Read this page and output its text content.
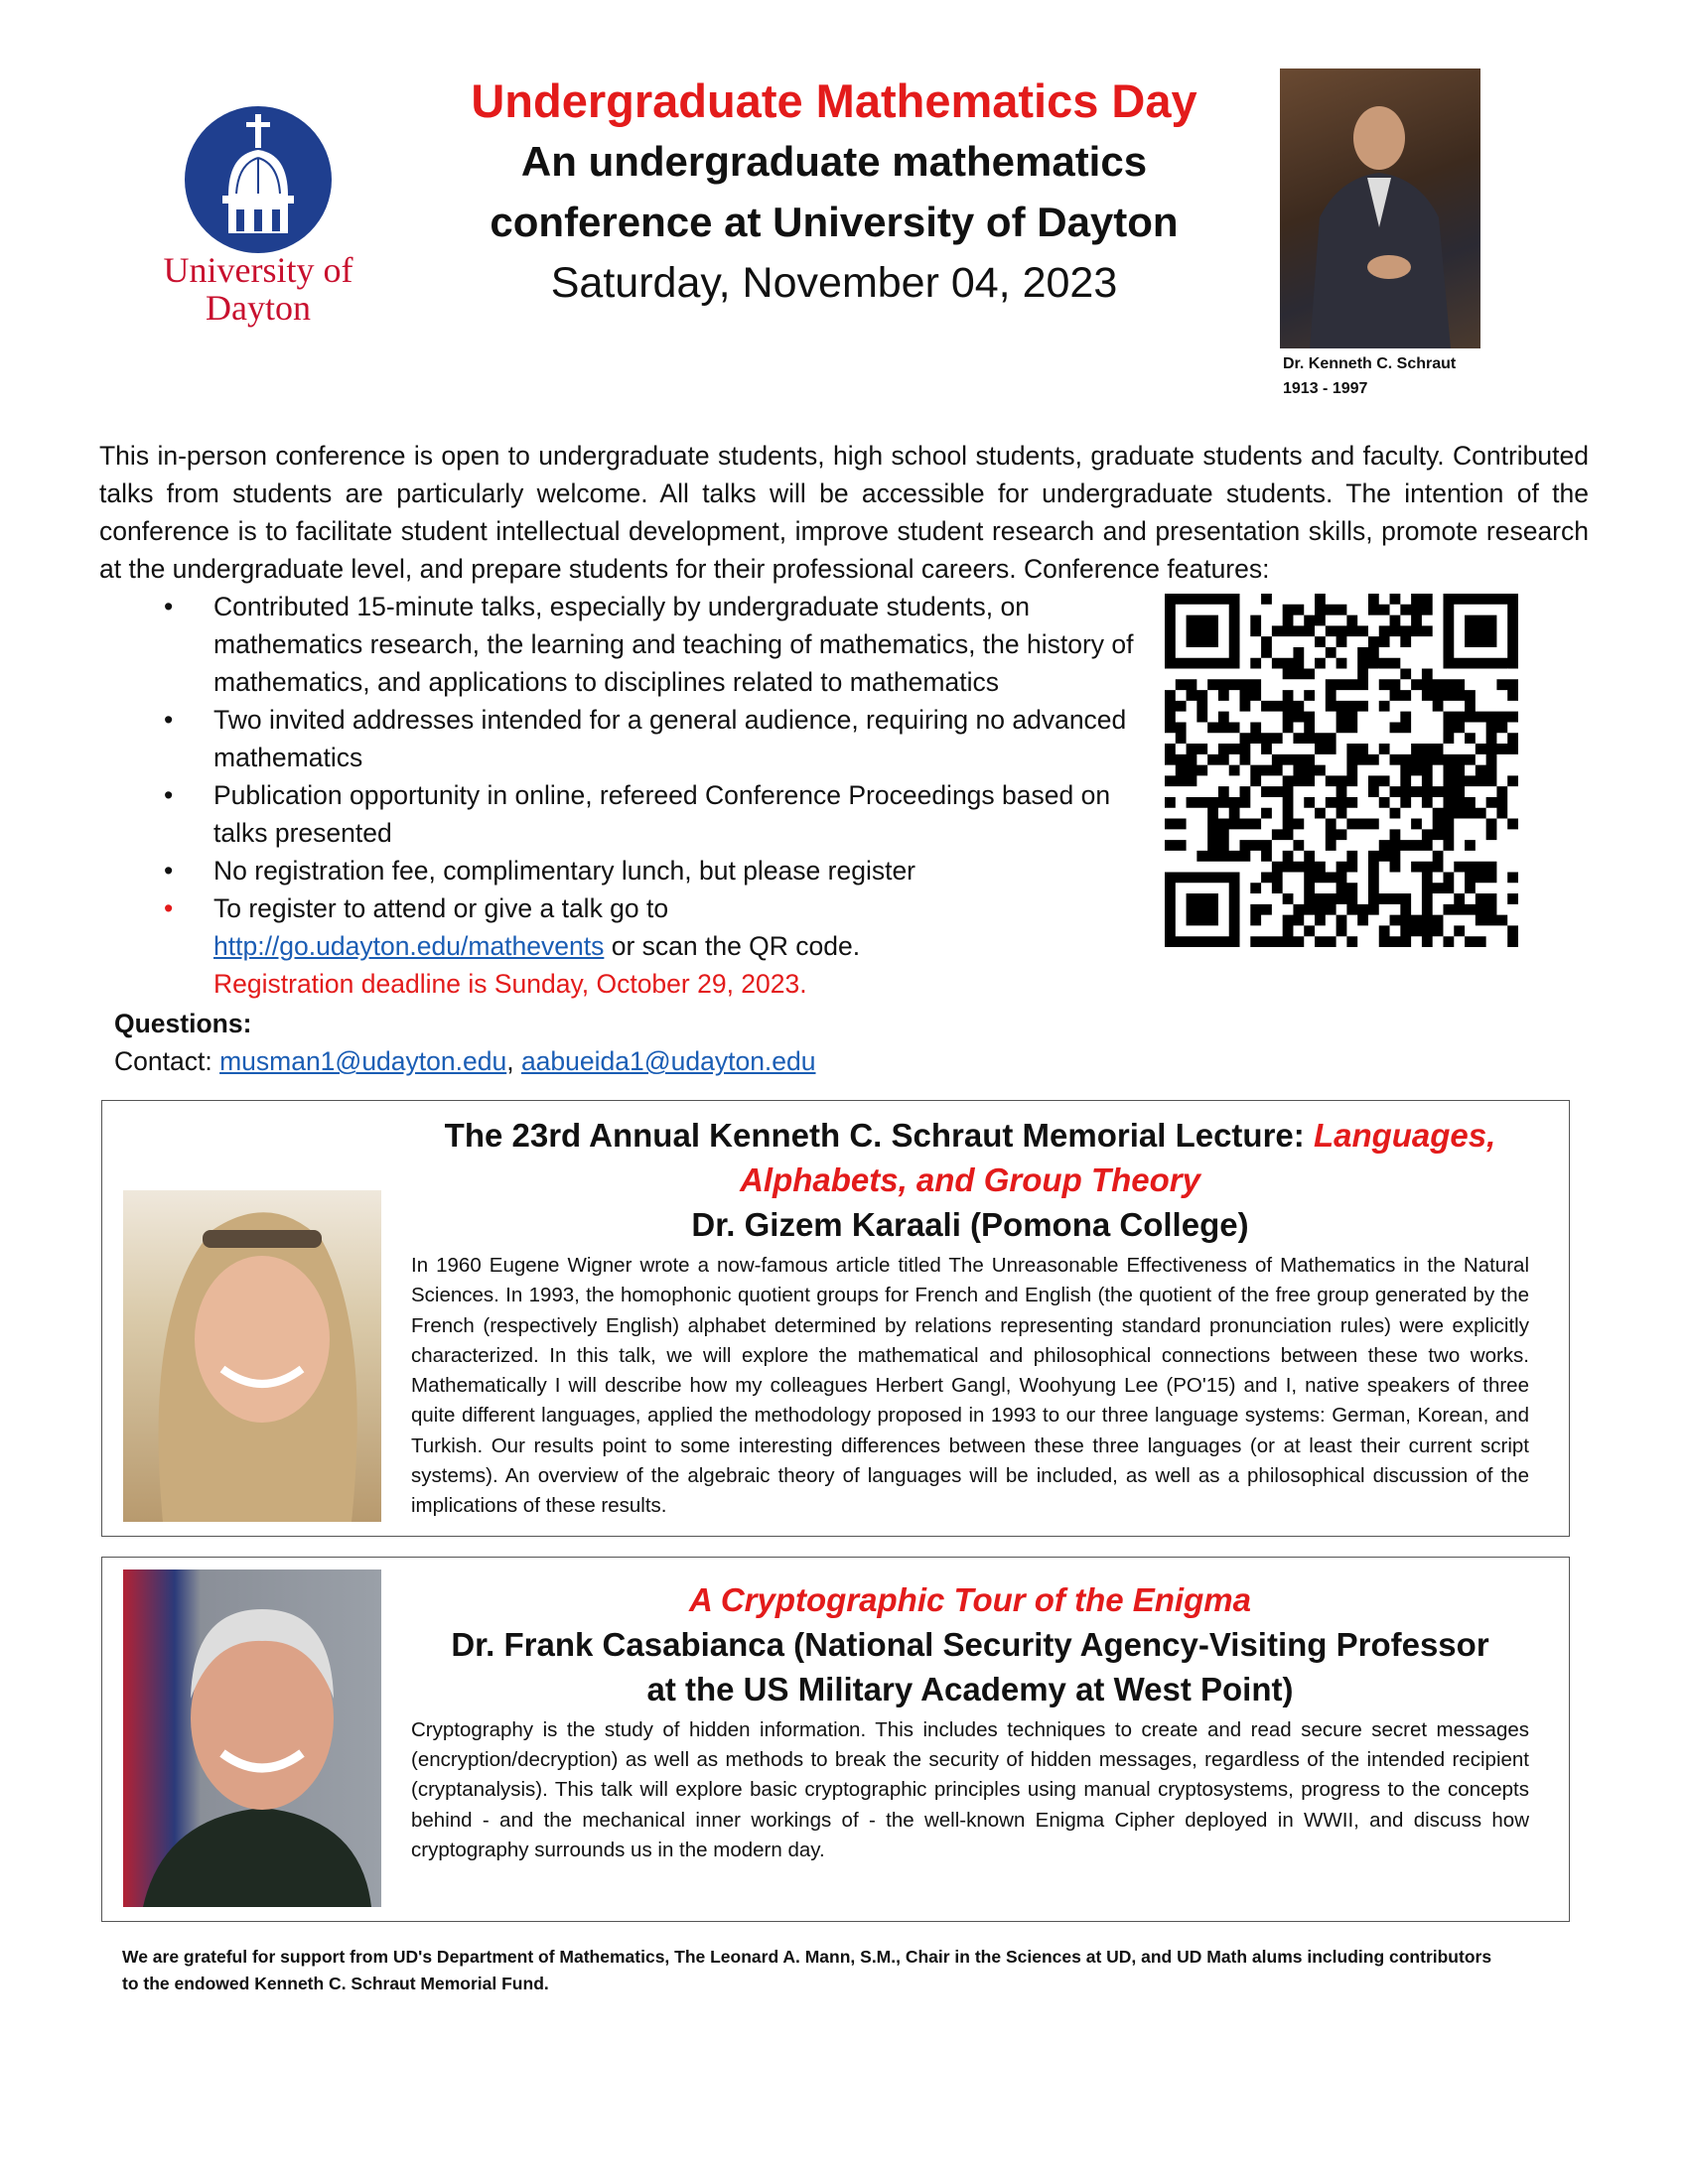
University of
Dayton
Undergraduate Mathematics Day
An undergraduate mathematics
conference at University of Dayton
Saturday, November 04, 2023
Dr. Kenneth C. Schraut
1913 - 1997

This in-person conference is open to undergraduate students, high school students, graduate students and faculty. Contributed talks from students are particularly welcome. All talks will be accessible for undergraduate students. The intention of the conference is to facilitate student intellectual development, improve student research and presentation skills, promote research at the undergraduate level, and prepare students for their professional careers. Conference features:

• Contributed 15-minute talks, especially by undergraduate students, on mathematics research, the learning and teaching of mathematics, the history of mathematics, and applications to disciplines related to mathematics
• Two invited addresses intended for a general audience, requiring no advanced mathematics
• Publication opportunity in online, refereed Conference Proceedings based on talks presented
• No registration fee, complimentary lunch, but please register
• To register to attend or give a talk go to
http://go.udayton.edu/mathevents or scan the QR code.
Registration deadline is Sunday, October 29, 2023.
Questions:
Contact: musman1@udayton.edu, aabueida1@udayton.edu
The 23rd Annual Kenneth C. Schraut Memorial Lecture: Languages,
Alphabets, and Group Theory
Dr. Gizem Karaali (Pomona College)

In 1960 Eugene Wigner wrote a now-famous article titled The Unreasonable Effectiveness of Mathematics in the Natural Sciences. In 1993, the homophonic quotient groups for French and English (the quotient of the free group generated by the French (respectively English) alphabet determined by relations representing standard pronunciation rules) were explicitly characterized. In this talk, we will explore the mathematical and philosophical connections between these two works. Mathematically I will describe how my colleagues Herbert Gangl, Woohyung Lee (PO'15) and I, native speakers of three quite different languages, applied the methodology proposed in 1993 to our three language systems: German, Korean, and Turkish. Our results point to some interesting differences between these three languages (or at least their current script systems). An overview of the algebraic theory of languages will be included, as well as a philosophical discussion of the implications of these results.

A Cryptographic Tour of the Enigma
Dr. Frank Casabianca (National Security Agency-Visiting Professor
at the US Military Academy at West Point)

Cryptography is the study of hidden information. This includes techniques to create and read secure secret messages (encryption/decryption) as well as methods to break the security of hidden messages, regardless of the intended recipient (cryptanalysis). This talk will explore basic cryptographic principles using manual cryptosystems, progress to the concepts behind - and the mechanical inner workings of - the well-known Enigma Cipher deployed in WWII, and discuss how cryptography surrounds us in the modern day.

We are grateful for support from UD's Department of Mathematics, The Leonard A. Mann, S.M., Chair in the Sciences at UD, and UD Math alums including contributors to the endowed Kenneth C. Schraut Memorial Fund.
